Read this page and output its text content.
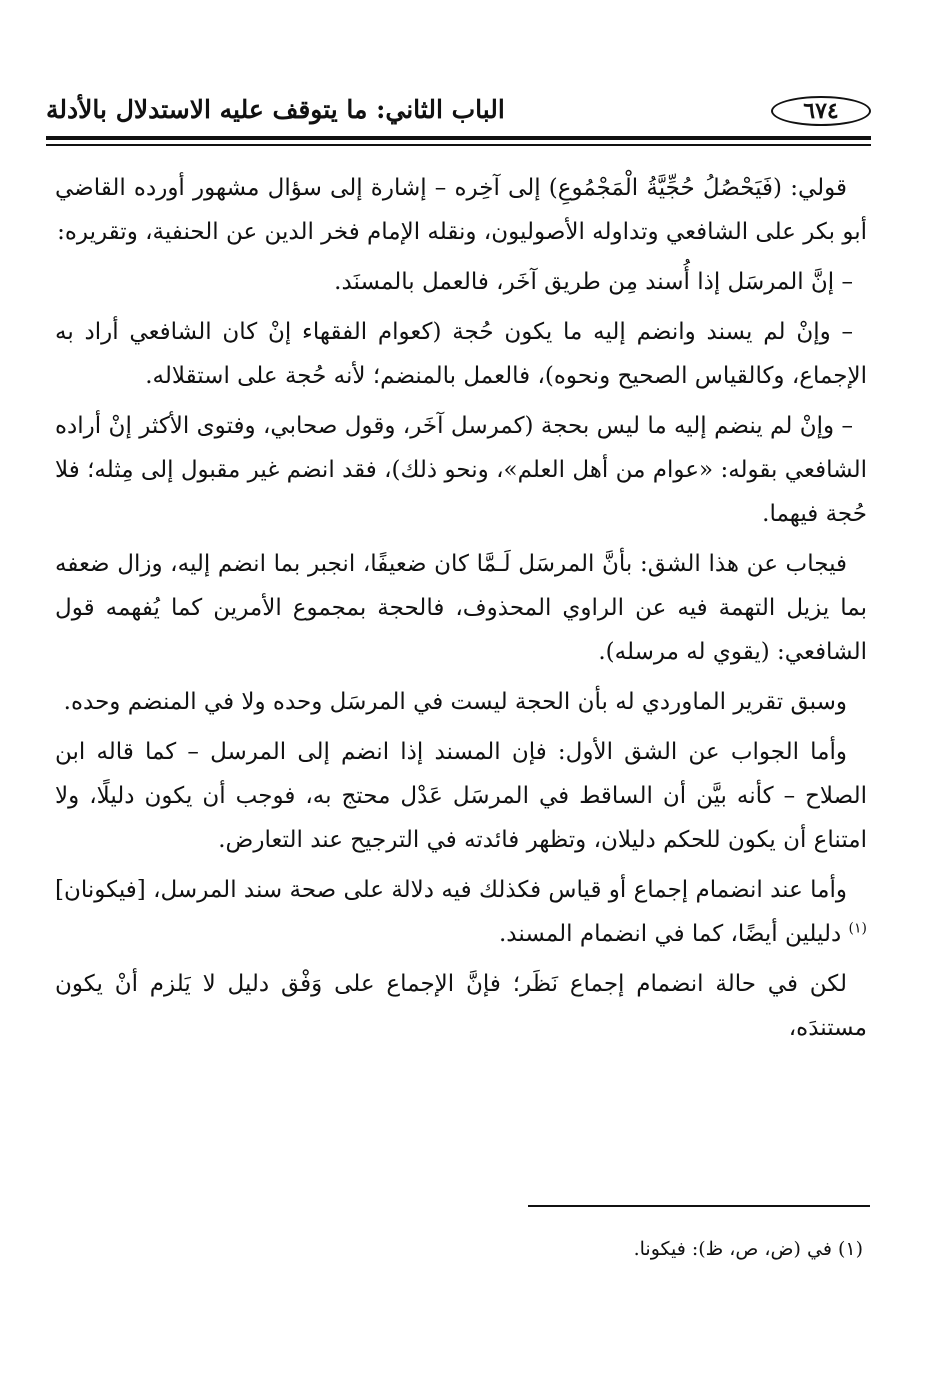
٦٧٤
الباب الثاني: ما يتوقف عليه الاستدلال بالأدلة

قولي: (فَيَحْصُلُ حُجِّيَّةُ الْمَجْمُوعِ) إلى آخِره – إشارة إلى سؤال مشهور أورده القاضي أبو بكر على الشافعي وتداوله الأصوليون، ونقله الإمام فخر الدين عن الحنفية، وتقريره:

– إنَّ المرسَل إذا أُسند مِن طريق آخَر، فالعمل بالمسنَد.

– وإنْ لم يسند وانضم إليه ما يكون حُجة (كعوام الفقهاء إنْ كان الشافعي أراد به الإجماع، وكالقياس الصحيح ونحوه)، فالعمل بالمنضم؛ لأنه حُجة على استقلاله.

– وإنْ لم ينضم إليه ما ليس بحجة (كمرسل آخَر، وقول صحابي، وفتوى الأكثر إنْ أراده الشافعي بقوله: «عوام من أهل العلم»، ونحو ذلك)، فقد انضم غير مقبول إلى مِثله؛ فلا حُجة فيهما.

فيجاب عن هذا الشق: بأنَّ المرسَل لَـمَّا كان ضعيفًا، انجبر بما انضم إليه، وزال ضعفه بما يزيل التهمة فيه عن الراوي المحذوف، فالحجة بمجموع الأمرين كما يُفهمه قول الشافعي: (يقوي له مرسله).

وسبق تقرير الماوردي له بأن الحجة ليست في المرسَل وحده ولا في المنضم وحده.

وأما الجواب عن الشق الأول: فإن المسند إذا انضم إلى المرسل – كما قاله ابن الصلاح – كأنه بيَّن أن الساقط في المرسَل عَدْل محتج به، فوجب أن يكون دليلًا، ولا امتناع أن يكون للحكم دليلان، وتظهر فائدته في الترجيح عند التعارض.

وأما عند انضمام إجماع أو قياس فكذلك فيه دلالة على صحة سند المرسل، [فيكونان]$^{(١)}$ دليلين أيضًا، كما في انضمام المسند.

لكن في حالة انضمام إجماع نَظَر؛ فإنَّ الإجماع على وَفْق دليل لا يَلزم أنْ يكون مستندَه،

(١) في (ض، ص، ظ): فيكونا.
